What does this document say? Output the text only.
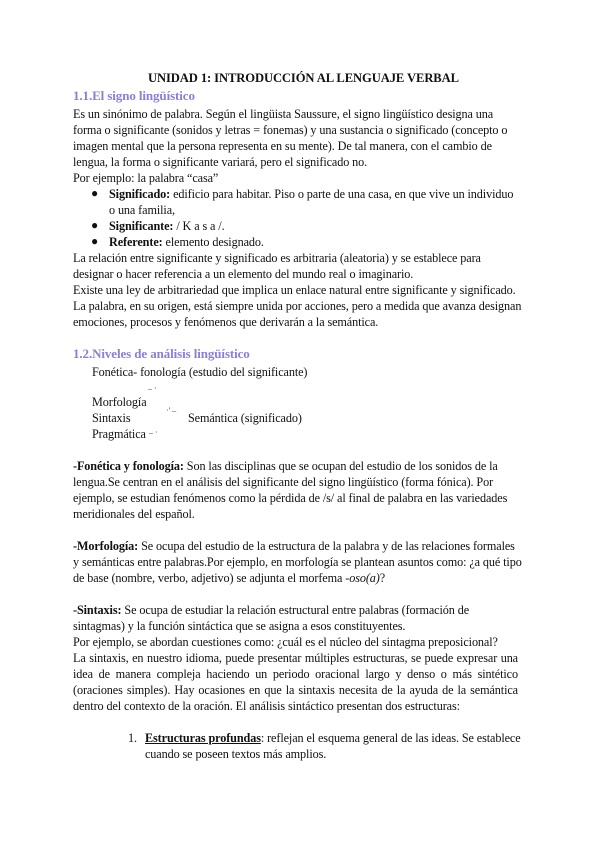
UNIDAD 1: INTRODUCCIÓN AL LENGUAJE VERBAL
1.1.El signo lingüístico
Es un sinónimo de palabra. Según el lingüista Saussure, el signo lingüístico designa una
forma o significante (sonidos y letras = fonemas) y una sustancia o significado (concepto o
imagen mental que la persona representa en su mente). De tal manera, con el cambio de
lengua, la forma o significante variará, pero el significado no.
Por ejemplo: la palabra “casa”
● Significado: edificio para habitar. Piso o parte de una casa, en que vive un individuo
o una familia,
● Significante: / K a s a /.
● Referente: elemento designado.
La relación entre significante y significado es arbitraria (aleatoria) y se establece para
designar o hacer referencia a un elemento del mundo real o imaginario.
Existe una ley de arbitrariedad que implica un enlace natural entre significante y significado.
La palabra, en su origen, está siempre unida por acciones, pero a medida que avanza designan
emociones, procesos y fenómenos que derivarán a la semántica.
1.2.Niveles de análisis lingüístico
Fonética- fonología (estudio del significante)
– ·
Morfología
Sintaxis
·' –
Semántica (significado)
Pragmática – ·
-Fonética y fonología: Son las disciplinas que se ocupan del estudio de los sonidos de la
lengua.Se centran en el análisis del significante del signo lingüístico (forma fónica). Por
ejemplo, se estudian fenómenos como la pérdida de /s/ al final de palabra en las variedades
meridionales del español.
-Morfología: Se ocupa del estudio de la estructura de la palabra y de las relaciones formales
y semánticas entre palabras.Por ejemplo, en morfología se plantean asuntos como: ¿a qué tipo
de base (nombre, verbo, adjetivo) se adjunta el morfema -oso(a)?
-Sintaxis: Se ocupa de estudiar la relación estructural entre palabras (formación de
sintagmas) y la función sintáctica que se asigna a esos constituyentes.
Por ejemplo, se abordan cuestiones como: ¿cuál es el núcleo del sintagma preposicional?
La sintaxis, en nuestro idioma, puede presentar múltiples estructuras, se puede expresar una idea de manera compleja haciendo un periodo oracional largo y denso o más sintético (oraciones simples). Hay ocasiones en que la sintaxis necesita de la ayuda de la semántica dentro del contexto de la oración. El análisis sintáctico presentan dos estructuras:
1. Estructuras profundas: reflejan el esquema general de las ideas. Se establece
cuando se poseen textos más amplios.
